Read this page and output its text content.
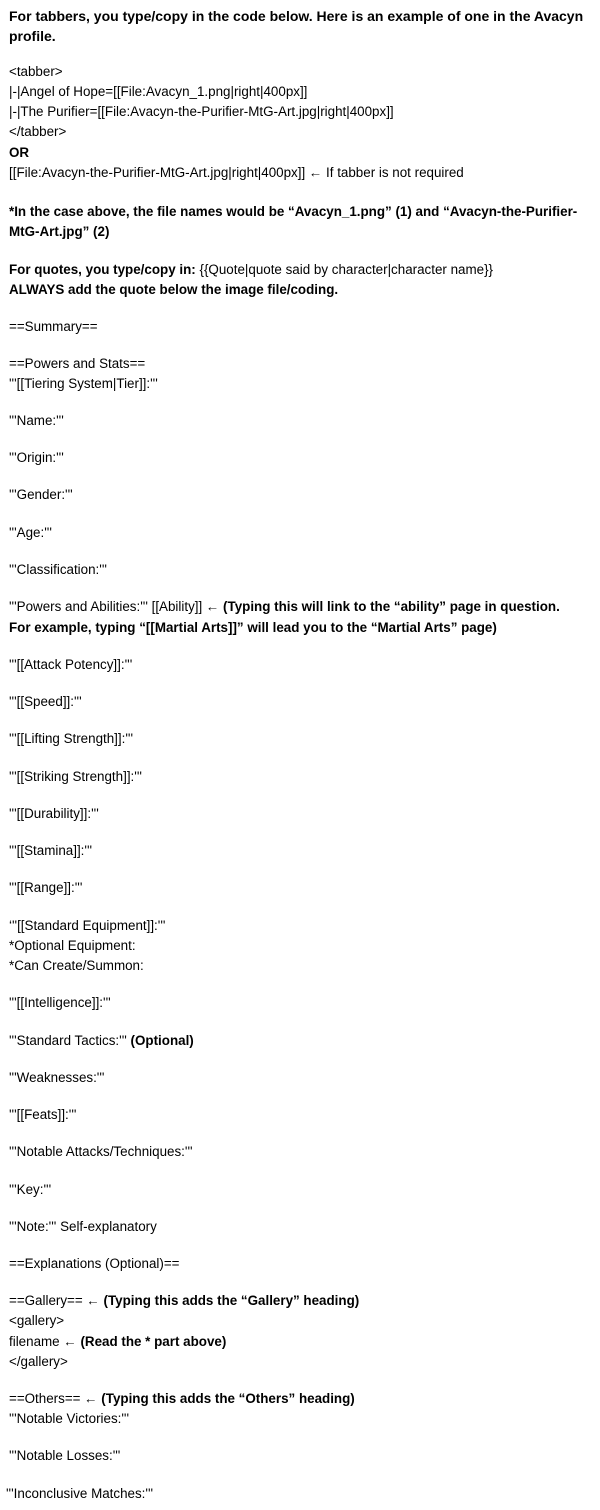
For tabbers, you type/copy in the code below. Here is an example of one in the Avacyn profile.
<tabber>
|-|Angel of Hope=[[File:Avacyn_1.png|right|400px]]
|-|The Purifier=[[File:Avacyn-the-Purifier-MtG-Art.jpg|right|400px]]
</tabber>
OR
[[File:Avacyn-the-Purifier-MtG-Art.jpg|right|400px]] ← If tabber is not required
*In the case above, the file names would be “Avacyn_1.png” (1) and “Avacyn-the-Purifier-MtG-Art.jpg” (2)
For quotes, you type/copy in: {{Quote|quote said by character|character name}}
ALWAYS add the quote below the image file/coding.
==Summary==
==Powers and Stats==
'''[[Tiering System|Tier]]:'''
'''Name:'''
'''Origin:'''
'''Gender:'''
'''Age:'''
'''Classification:'''
'''Powers and Abilities:''' [[Ability]] ← (Typing this will link to the “ability” page in question.
For example, typing “[[Martial Arts]]” will lead you to the “Martial Arts” page)
'''[[Attack Potency]]:'''
'''[[Speed]]:'''
'''[[Lifting Strength]]:'''
'''[[Striking Strength]]:'''
'''[[Durability]]:'''
'''[[Stamina]]:'''
'''[[Range]]:'''
‘''[[Standard Equipment]]:'''
*Optional Equipment:
*Can Create/Summon:
'''[[Intelligence]]:'''
'''Standard Tactics:''' (Optional)
'''Weaknesses:'''
'''[[Feats]]:'''
'''Notable Attacks/Techniques:'''
'''Key:'''
'''Note:''' Self-explanatory
==Explanations (Optional)==
==Gallery== ← (Typing this adds the “Gallery” heading)
<gallery>
filename ← (Read the * part above)
</gallery>
==Others== ← (Typing this adds the “Others” heading)
'''Notable Victories:'''
'''Notable Losses:'''
'''Inconclusive Matches:'''
